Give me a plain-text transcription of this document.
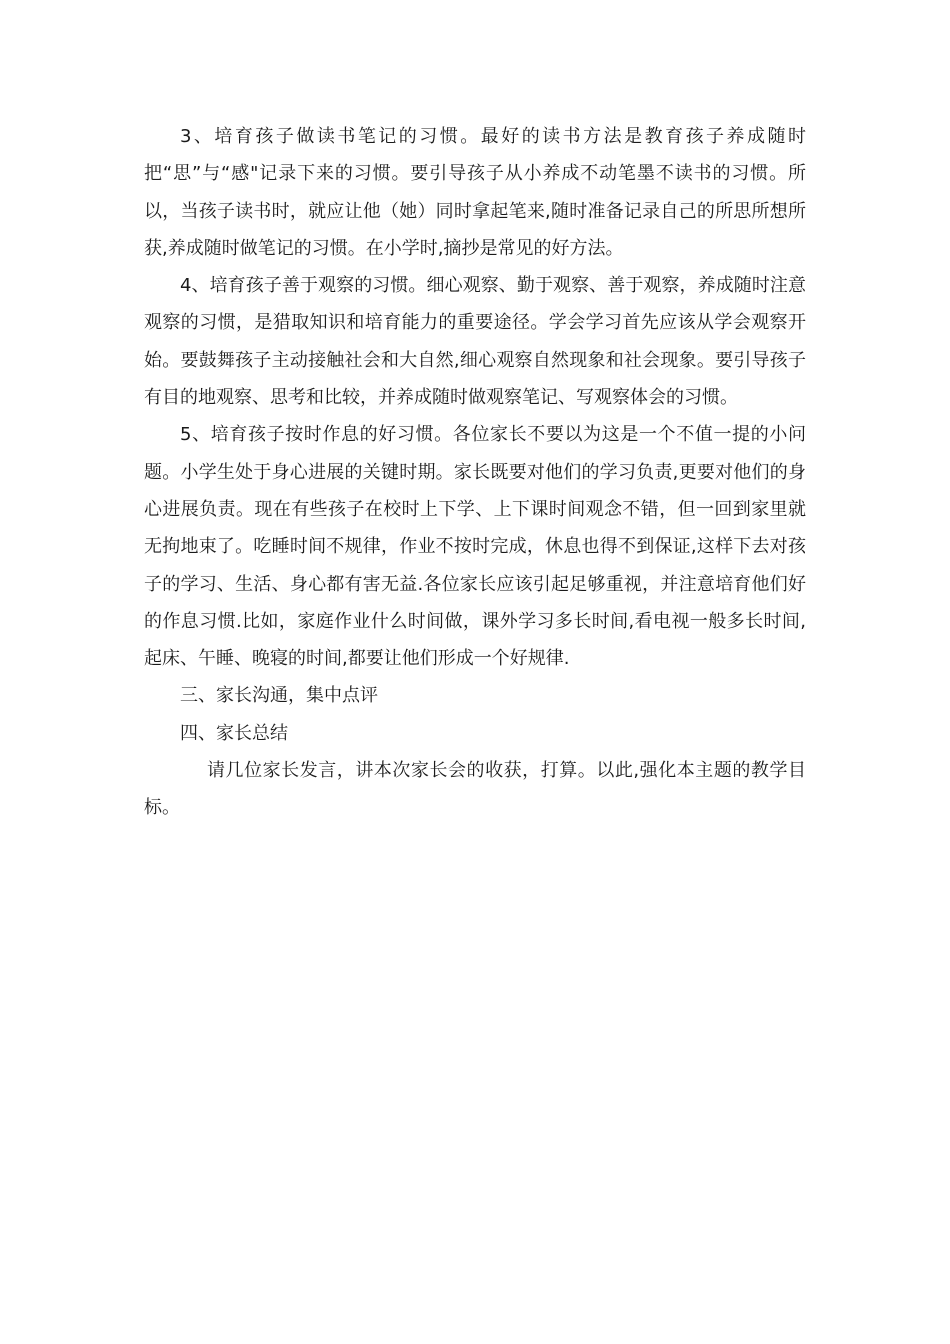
3、培育孩子做读书笔记的习惯。最好的读书方法是教育孩子养成随时把“思”与“感"记录下来的习惯。要引导孩子从小养成不动笔墨不读书的习惯。所以，当孩子读书时，就应让他（她）同时拿起笔来,随时准备记录自己的所思所想所获,养成随时做笔记的习惯。在小学时,摘抄是常见的好方法。

4、培育孩子善于观察的习惯。细心观察、勤于观察、善于观察，养成随时注意观察的习惯，是猎取知识和培育能力的重要途径。学会学习首先应该从学会观察开始。要鼓舞孩子主动接触社会和大自然,细心观察自然现象和社会现象。要引导孩子有目的地观察、思考和比较，并养成随时做观察笔记、写观察体会的习惯。

5、培育孩子按时作息的好习惯。各位家长不要以为这是一个不值一提的小问题。小学生处于身心进展的关键时期。家长既要对他们的学习负责,更要对他们的身心进展负责。现在有些孩子在校时上下学、上下课时间观念不错，但一回到家里就无拘地束了。吃睡时间不规律，作业不按时完成，休息也得不到保证,这样下去对孩子的学习、生活、身心都有害无益.各位家长应该引起足够重视，并注意培育他们好的作息习惯.比如，家庭作业什么时间做，课外学习多长时间,看电视一般多长时间,起床、午睡、晚寝的时间,都要让他们形成一个好规律.

三、家长沟通，集中点评

四、家长总结

请几位家长发言，讲本次家长会的收获，打算。以此,强化本主题的教学目标。
